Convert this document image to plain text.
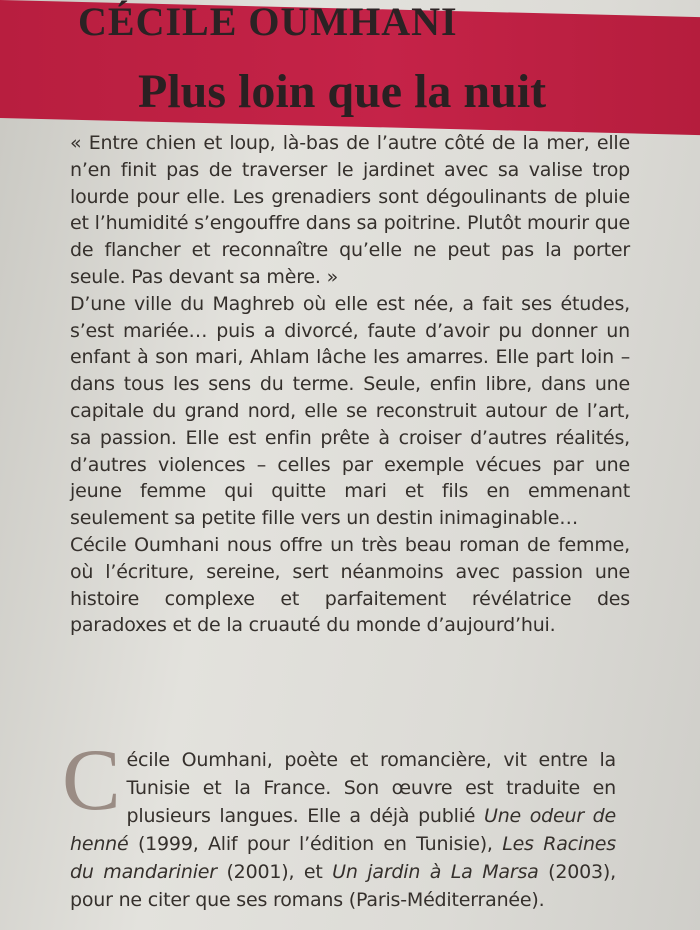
CÉCILE OUMHANI
Plus loin que la nuit

« Entre chien et loup, là-bas de l’autre côté de la mer, elle n’en finit pas de traverser le jardinet avec sa valise trop lourde pour elle. Les grenadiers sont dégoulinants de pluie et l’humidité s’engouffre dans sa poitrine. Plutôt mourir que de flancher et reconnaître qu’elle ne peut pas la porter seule. Pas devant sa mère. »

D’une ville du Maghreb où elle est née, a fait ses études, s’est mariée… puis a divorcé, faute d’avoir pu donner un enfant à son mari, Ahlam lâche les amarres. Elle part loin – dans tous les sens du terme. Seule, enfin libre, dans une capitale du grand nord, elle se reconstruit autour de l’art, sa passion. Elle est enfin prête à croiser d’autres réalités, d’autres violences – celles par exemple vécues par une jeune femme qui quitte mari et fils en emmenant seulement sa petite fille vers un destin inimaginable…

Cécile Oumhani nous offre un très beau roman de femme, où l’écriture, sereine, sert néanmoins avec passion une histoire complexe et parfaitement révélatrice des paradoxes et de la cruauté du monde d’aujourd’hui.

Cécile Oumhani, poète et romancière, vit entre la Tunisie et la France. Son œuvre est traduite en plusieurs langues. Elle a déjà publié Une odeur de henné (1999, Alif pour l’édition en Tunisie), Les Racines du mandarinier (2001), et Un jardin à La Marsa (2003), pour ne citer que ses romans (Paris-Méditerranée).
